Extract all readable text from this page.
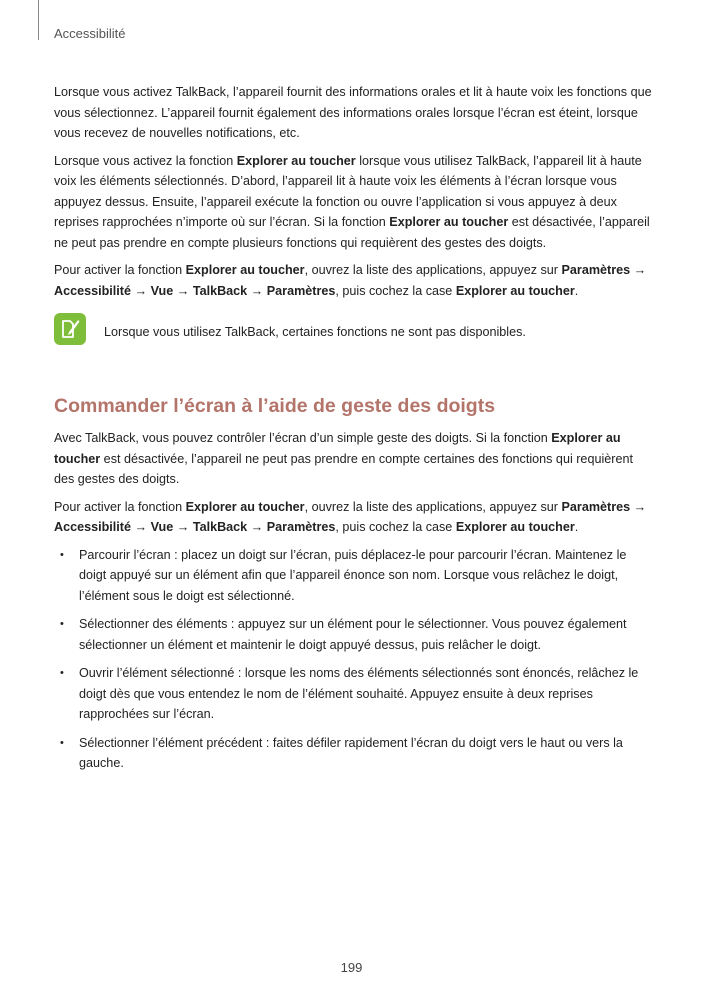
Accessibilité

Lorsque vous activez TalkBack, l’appareil fournit des informations orales et lit à haute voix les fonctions que vous sélectionnez. L’appareil fournit également des informations orales lorsque l’écran est éteint, lorsque vous recevez de nouvelles notifications, etc.

Lorsque vous activez la fonction Explorer au toucher lorsque vous utilisez TalkBack, l’appareil lit à haute voix les éléments sélectionnés. D’abord, l’appareil lit à haute voix les éléments à l’écran lorsque vous appuyez dessus. Ensuite, l’appareil exécute la fonction ou ouvre l’application si vous appuyez à deux reprises rapprochées n’importe où sur l’écran. Si la fonction Explorer au toucher est désactivée, l’appareil ne peut pas prendre en compte plusieurs fonctions qui requièrent des gestes des doigts.

Pour activer la fonction Explorer au toucher, ouvrez la liste des applications, appuyez sur Paramètres → Accessibilité → Vue → TalkBack → Paramètres, puis cochez la case Explorer au toucher.

Lorsque vous utilisez TalkBack, certaines fonctions ne sont pas disponibles.

Commander l’écran à l’aide de geste des doigts

Avec TalkBack, vous pouvez contrôler l’écran d’un simple geste des doigts. Si la fonction Explorer au toucher est désactivée, l’appareil ne peut pas prendre en compte certaines des fonctions qui requièrent des gestes des doigts.

Pour activer la fonction Explorer au toucher, ouvrez la liste des applications, appuyez sur Paramètres → Accessibilité → Vue → TalkBack → Paramètres, puis cochez la case Explorer au toucher.

• Parcourir l’écran : placez un doigt sur l’écran, puis déplacez-le pour parcourir l’écran. Maintenez le doigt appuyé sur un élément afin que l’appareil énonce son nom. Lorsque vous relâchez le doigt, l’élément sous le doigt est sélectionné.
• Sélectionner des éléments : appuyez sur un élément pour le sélectionner. Vous pouvez également sélectionner un élément et maintenir le doigt appuyé dessus, puis relâcher le doigt.
• Ouvrir l’élément sélectionné : lorsque les noms des éléments sélectionnés sont énoncés, relâchez le doigt dès que vous entendez le nom de l’élément souhaité. Appuyez ensuite à deux reprises rapprochées sur l’écran.
• Sélectionner l’élément précédent : faites défiler rapidement l’écran du doigt vers le haut ou vers la gauche.
199
